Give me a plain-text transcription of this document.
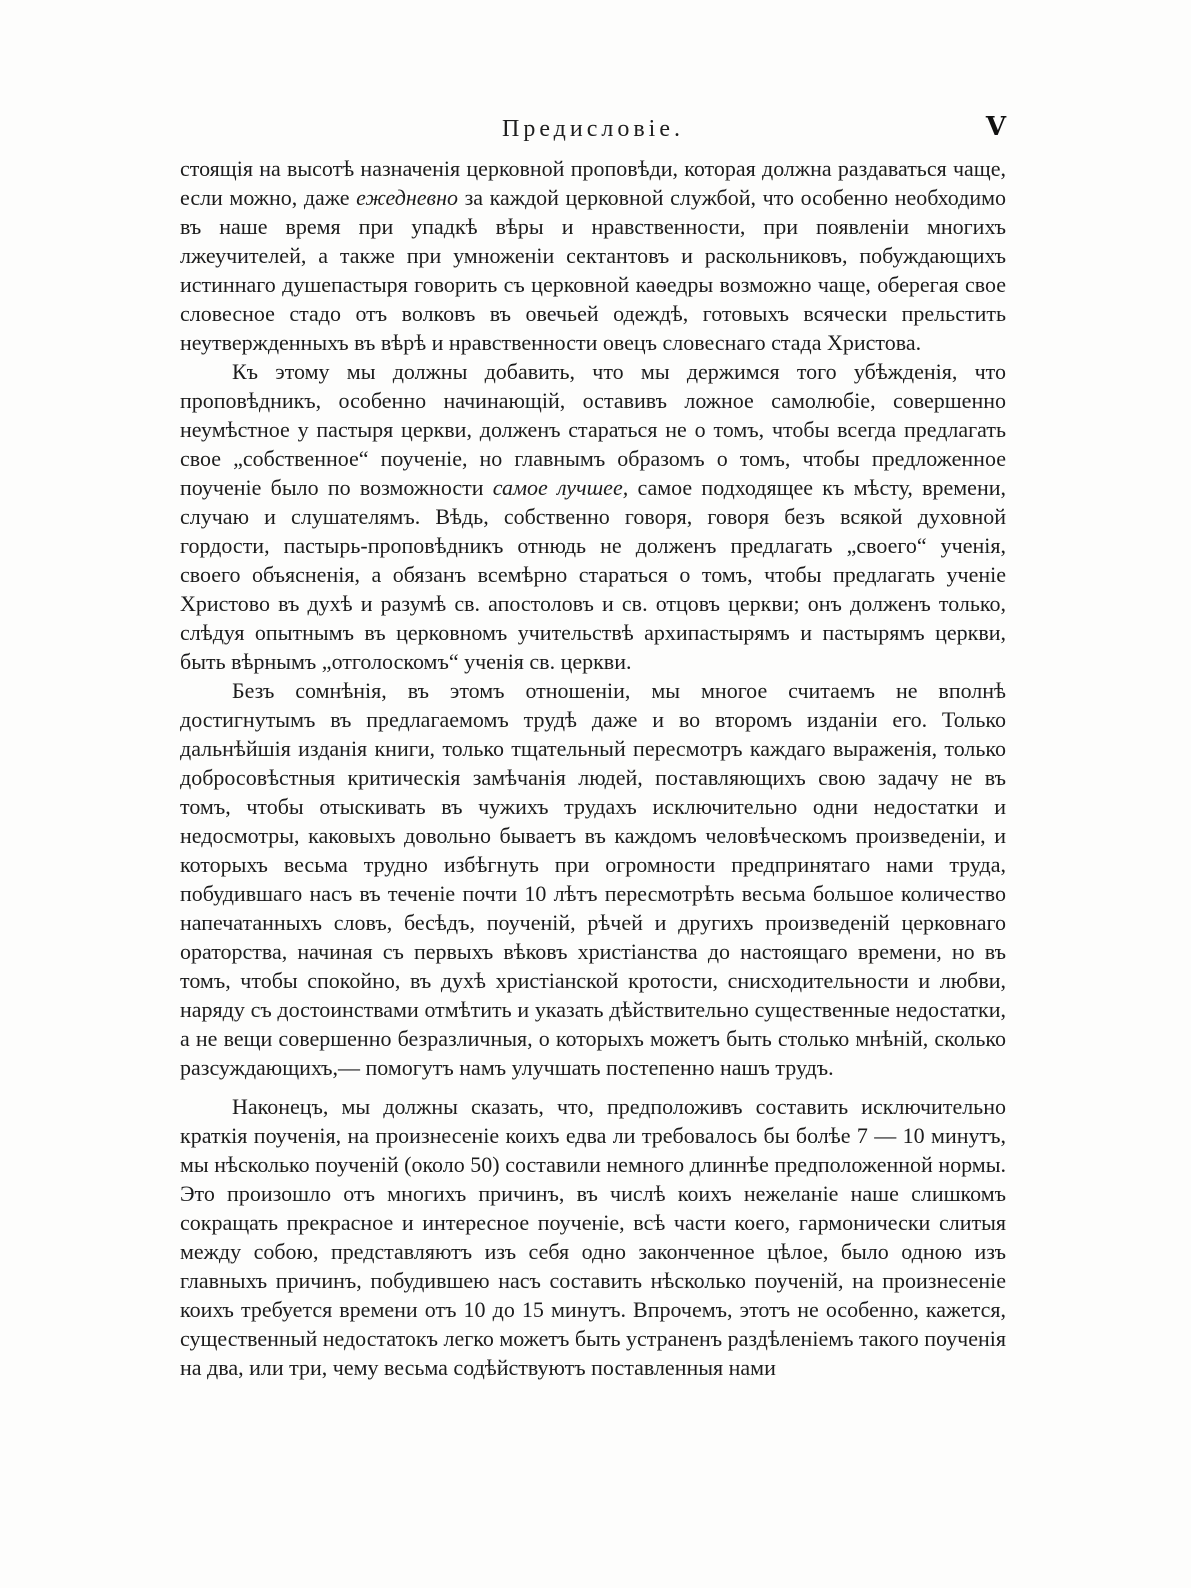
Предисловіе.	V

стоящія на высотѣ назначенія церковной проповѣди, которая должна раздаваться чаще, если можно, даже ежедневно за каждой церковной службой, что особенно необходимо въ наше время при упадкѣ вѣры и нравственности, при появленіи многихъ лжеучителей, а также при умноженіи сектантовъ и раскольниковъ, побуждающихъ истиннаго душепастыря говорить съ церковной каѳедры возможно чаще, оберегая свое словесное стадо отъ волковъ въ овечьей одеждѣ, готовыхъ всячески прельстить неутвержденныхъ въ вѣрѣ и нравственности овецъ словеснаго стада Христова.

Къ этому мы должны добавить, что мы держимся того убѣжденія, что проповѣдникъ, особенно начинающій, оставивъ ложное самолюбіе, совершенно неумѣстное у пастыря церкви, долженъ стараться не о томъ, чтобы всегда предлагать свое „собственное“ поученіе, но главнымъ образомъ о томъ, чтобы предложенное поученіе было по возможности самое лучшее, самое подходящее къ мѣсту, времени, случаю и слушателямъ. Вѣдь, собственно говоря, говоря безъ всякой духовной гордости, пастырь-проповѣдникъ отнюдь не долженъ предлагать „своего“ ученія, своего объясненія, а обязанъ всемѣрно стараться о томъ, чтобы предлагать ученіе Христово въ духѣ и разумѣ св. апостоловъ и св. отцовъ церкви; онъ долженъ только, слѣдуя опытнымъ въ церковномъ учительствѣ архипастырямъ и пастырямъ церкви, быть вѣрнымъ „отголоскомъ“ ученія св. церкви.

Безъ сомнѣнія, въ этомъ отношеніи, мы многое считаемъ не вполнѣ достигнутымъ въ предлагаемомъ трудѣ даже и во второмъ изданіи его. Только дальнѣйшія изданія книги, только тщательный пересмотръ каждаго выраженія, только добросовѣстныя критическія замѣчанія людей, поставляющихъ свою задачу не въ томъ, чтобы отыскивать въ чужихъ трудахъ исключительно одни недостатки и недосмотры, каковыхъ довольно бываетъ въ каждомъ человѣческомъ произведеніи, и которыхъ весьма трудно избѣгнуть при огромности предпринятаго нами труда, побудившаго насъ въ теченіе почти 10 лѣтъ пересмотрѣть весьма большое количество напечатанныхъ словъ, бесѣдъ, поученій, рѣчей и другихъ произведеній церковнаго ораторства, начиная съ первыхъ вѣковъ христіанства до настоящаго времени, но въ томъ, чтобы спокойно, въ духѣ христіанской кротости, снисходительности и любви, наряду съ достоинствами отмѣтить и указать дѣйствительно существенные недостатки, а не вещи совершенно безразличныя, о которыхъ можетъ быть столько мнѣній, сколько разсуждающихъ,— помогутъ намъ улучшать постепенно нашъ трудъ.

Наконецъ, мы должны сказать, что, предположивъ составить исключительно краткія поученія, на произнесеніе коихъ едва ли требовалось бы болѣе 7 — 10 минутъ, мы нѣсколько поученій (около 50) составили немного длиннѣе предположенной нормы. Это произошло отъ многихъ причинъ, въ числѣ коихъ нежеланіе наше слишкомъ сокращать прекрасное и интересное поученіе, всѣ части коего, гармонически слитыя между собою, представляютъ изъ себя одно законченное цѣлое, было одною изъ главныхъ причинъ, побудившею насъ составить нѣсколько поученій, на произнесеніе коихъ требуется времени отъ 10 до 15 минутъ. Впрочемъ, этотъ не особенно, кажется, существенный недостатокъ легко можетъ быть устраненъ раздѣленіемъ такого поученія на два, или три, чему весьма содѣйствуютъ поставленныя нами
